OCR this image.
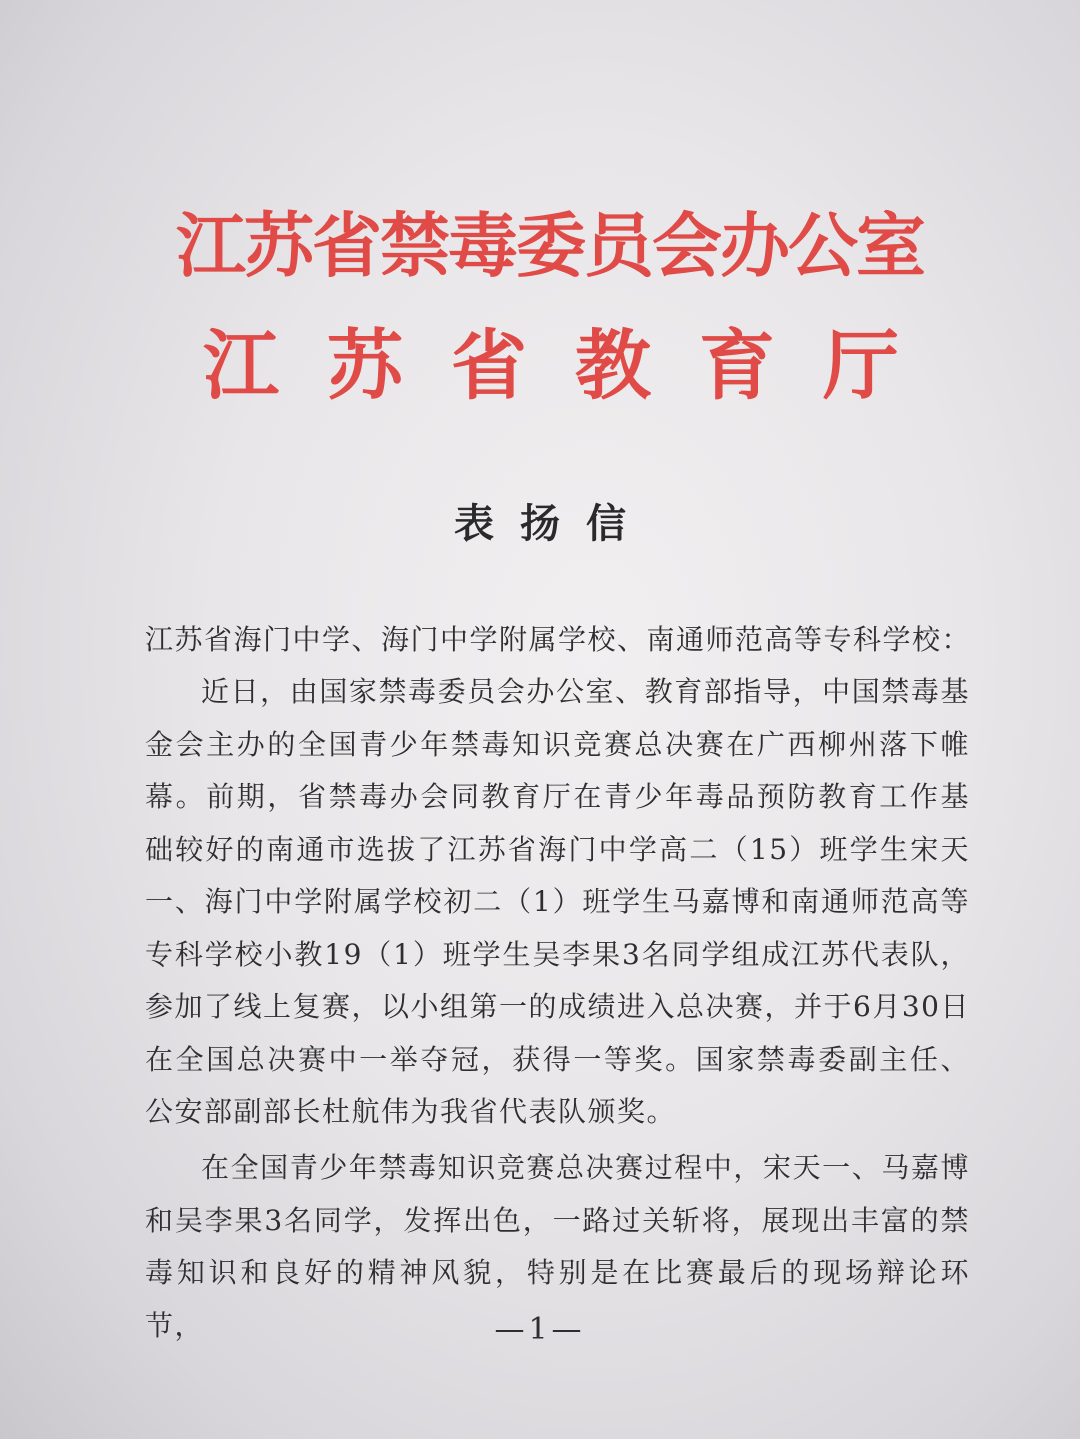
江苏省禁毒委员会办公室
江苏省教育厅
表扬信
江苏省海门中学、海门中学附属学校、南通师范高等专科学校：
近日，由国家禁毒委员会办公室、教育部指导，中国禁毒基金会主办的全国青少年禁毒知识竞赛总决赛在广西柳州落下帷幕。前期，省禁毒办会同教育厅在青少年毒品预防教育工作基础较好的南通市选拔了江苏省海门中学高二（15）班学生宋天一、海门中学附属学校初二（1）班学生马嘉博和南通师范高等专科学校小教19（1）班学生吴李果3名同学组成江苏代表队，参加了线上复赛，以小组第一的成绩进入总决赛，并于6月30日在全国总决赛中一举夺冠，获得一等奖。国家禁毒委副主任、公安部副部长杜航伟为我省代表队颁奖。
在全国青少年禁毒知识竞赛总决赛过程中，宋天一、马嘉博和吴李果3名同学，发挥出色，一路过关斩将，展现出丰富的禁毒知识和良好的精神风貌，特别是在比赛最后的现场辩论环节，	—1—
